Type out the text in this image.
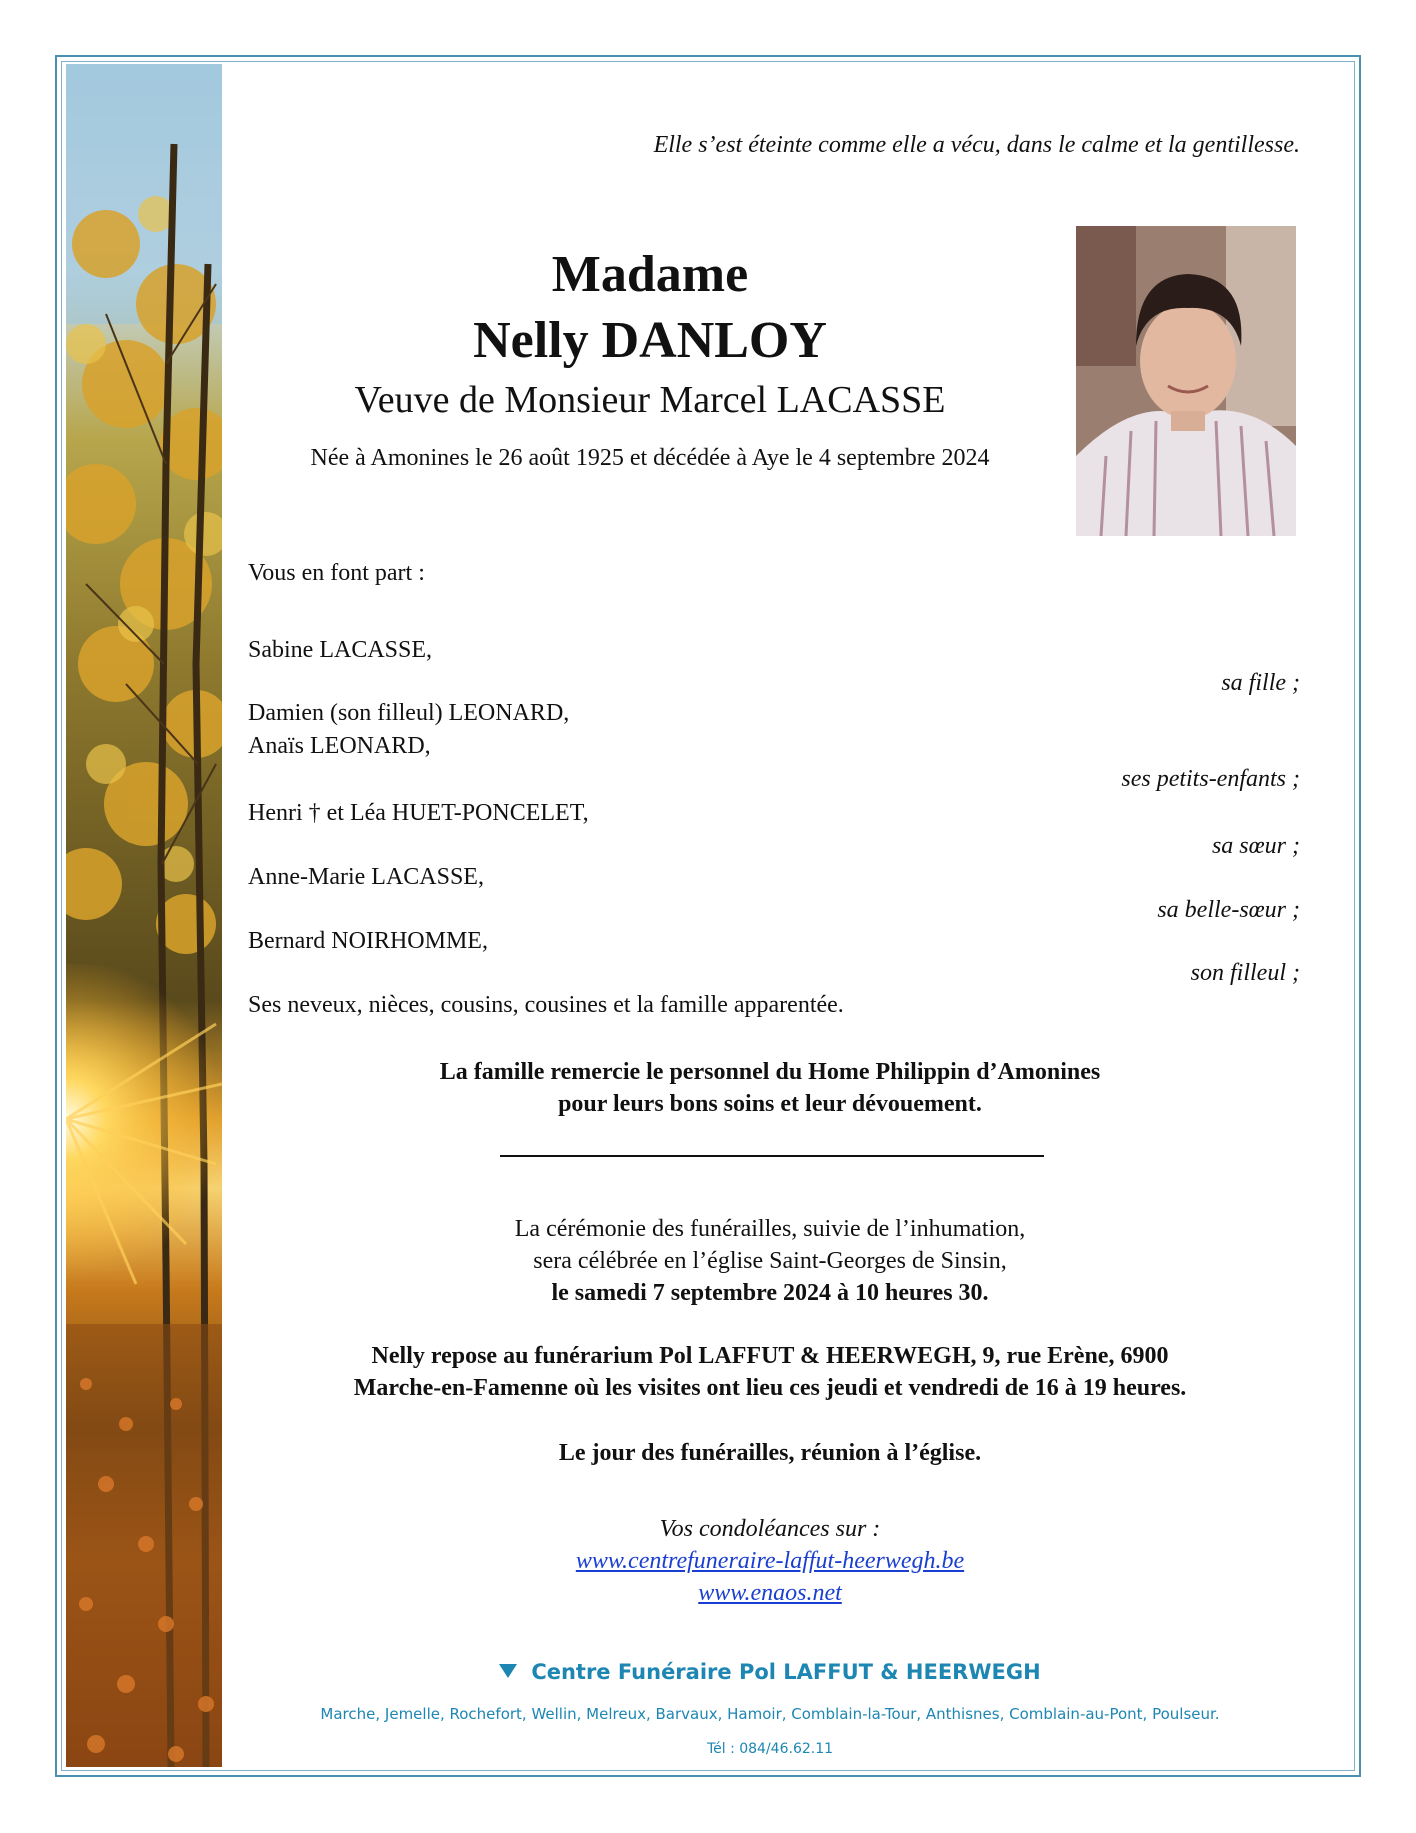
Elle s’est éteinte comme elle a vécu, dans le calme et la gentillesse.
Madame
Nelly DANLOY
Veuve de Monsieur Marcel LACASSE
Née à Amonines le 26 août 1925 et décédée à Aye le 4 septembre 2024
Vous en font part :
Sabine LACASSE,
sa fille ;
Damien (son filleul) LEONARD,
Anaïs LEONARD,
ses petits-enfants ;
Henri † et Léa HUET-PONCELET,
sa sœur ;
Anne-Marie LACASSE,
sa belle-sœur ;
Bernard NOIRHOMME,
son filleul ;
Ses neveux, nièces, cousins, cousines et la famille apparentée.
La famille remercie le personnel du Home Philippin d’Amonines
pour leurs bons soins et leur dévouement.
La cérémonie des funérailles, suivie de l’inhumation,
sera célébrée en l’église Saint-Georges de Sinsin,
le samedi 7 septembre 2024 à 10 heures 30.
Nelly repose au funérarium Pol LAFFUT & HEERWEGH, 9, rue Erène, 6900
Marche-en-Famenne où les visites ont lieu ces jeudi et vendredi de 16 à 19 heures.
Le jour des funérailles, réunion à l’église.
Vos condoléances sur :
www.centrefuneraire-laffut-heerwegh.be
www.enaos.net
Centre Funéraire Pol LAFFUT & HEERWEGH
Marche, Jemelle, Rochefort, Wellin, Melreux, Barvaux, Hamoir, Comblain-la-Tour, Anthisnes, Comblain-au-Pont, Poulseur.
Tél : 084/46.62.11
